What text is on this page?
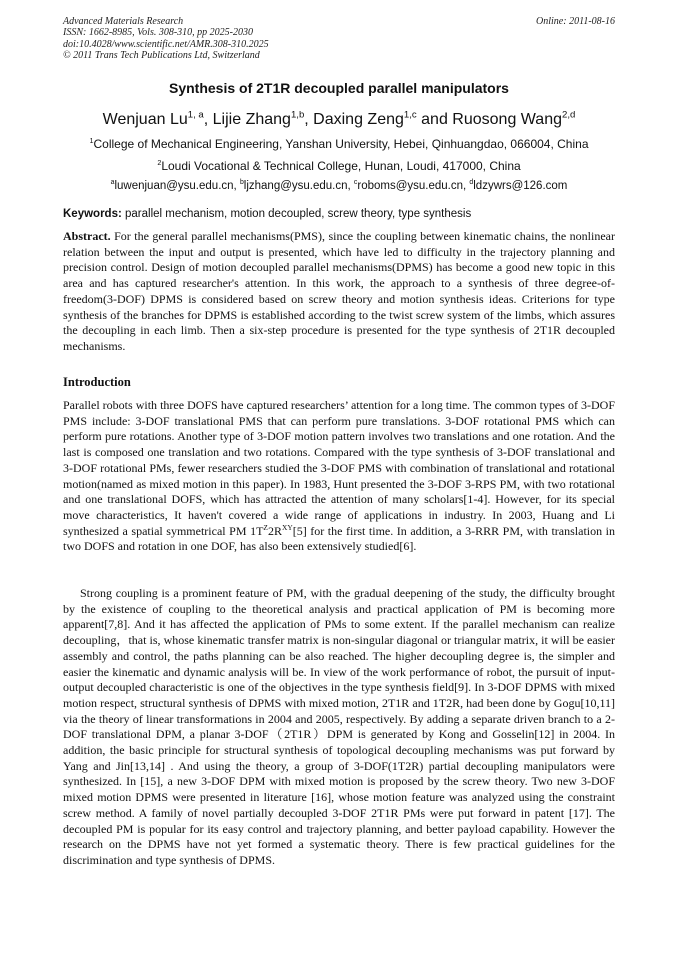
Advanced Materials Research
ISSN: 1662-8985, Vols. 308-310, pp 2025-2030
doi:10.4028/www.scientific.net/AMR.308-310.2025
© 2011 Trans Tech Publications Ltd, Switzerland
Online: 2011-08-16
Synthesis of 2T1R decoupled parallel manipulators
Wenjuan Lu$^{1, a}$, Lijie Zhang$^{1,b}$, Daxing Zeng$^{1,c}$ and Ruosong Wang$^{2,d}$
$^1$College of Mechanical Engineering, Yanshan University, Hebei, Qinhuangdao, 066004, China
$^2$Loudi Vocational & Technical College, Hunan, Loudi, 417000, China
$^a$luwenjuan@ysu.edu.cn, $^b$ljzhang@ysu.edu.cn, $^c$roboms@ysu.edu.cn, $^d$ldzywrs@126.com
Keywords: parallel mechanism, motion decoupled, screw theory, type synthesis

Abstract. For the general parallel mechanisms(PMS), since the coupling between kinematic chains, the nonlinear relation between the input and output is presented, which have led to difficulty in the trajectory planning and precision control. Design of motion decoupled parallel mechanisms(DPMS) has become a good new topic in this area and has captured researcher's attention. In this work, the approach to a synthesis of three degree-of-freedom(3-DOF) DPMS is considered based on screw theory and motion synthesis ideas. Criterions for type synthesis of the branches for DPMS is established according to the twist screw system of the limbs, which assures the decoupling in each limb. Then a six-step procedure is presented for the type synthesis of 2T1R decoupled mechanisms.

Introduction

Parallel robots with three DOFS have captured researchers’ attention for a long time. The common types of 3-DOF PMS include: 3-DOF translational PMS that can perform pure translations. 3-DOF rotational PMS which can perform pure rotations. Another type of 3-DOF motion pattern involves two translations and one rotation. And the last is composed one translation and two rotations. Compared with the type synthesis of 3-DOF translational and 3-DOF rotational PMs, fewer researchers studied the 3-DOF PMS with combination of translational and rotational motion(named as mixed motion in this paper). In 1983, Hunt presented the 3-DOF 3-RPS PM, with two rotational and one translational DOFS, which has attracted the attention of many scholars[1-4]. However, for its special move characteristics, It haven't covered a wide range of applications in industry. In 2003, Huang and Li synthesized a spatial symmetrical PM $1T^Z2R^{XY}[5]$ for the first time. In addition, a 3-RRR PM, with translation in two DOFS and rotation in one DOF, has also been extensively studied[6].

Strong coupling is a prominent feature of PM, with the gradual deepening of the study, the difficulty brought by the existence of coupling to the theoretical analysis and practical application of PM is becoming more apparent[7,8]. And it has affected the application of PMs to some extent. If the parallel mechanism can realize decoupling，that is, whose kinematic transfer matrix is non-singular diagonal or triangular matrix, it will be easier assembly and control, the paths planning can be also reached. The higher decoupling degree is, the simpler and easier the kinematic and dynamic analysis will be. In view of the work performance of robot, the pursuit of input-output decoupled characteristic is one of the objectives in the type synthesis field[9]. In 3-DOF DPMS with mixed motion respect, structural synthesis of DPMS with mixed motion, 2T1R and 1T2R, had been done by Gogu[10,11] via the theory of linear transformations in 2004 and 2005, respectively. By adding a separate driven branch to a 2-DOF translational DPM, a planar 3-DOF（2T1R）DPM is generated by Kong and Gosselin[12] in 2004. In addition, the basic principle for structural synthesis of topological decoupling mechanisms was put forward by Yang and Jin[13,14] . And using the theory, a group of 3-DOF(1T2R) partial decoupling manipulators were synthesized. In [15], a new 3-DOF DPM with mixed motion is proposed by the screw theory. Two new 3-DOF mixed motion DPMS were presented in literature [16], whose motion feature was analyzed using the constraint screw method. A family of novel partially decoupled 3-DOF 2T1R PMs were put forward in patent [17]. The decoupled PM is popular for its easy control and trajectory planning, and better payload capability. However the research on the DPMS have not yet formed a systematic theory. There is few practical guidelines for the discrimination and type synthesis of DPMS.
